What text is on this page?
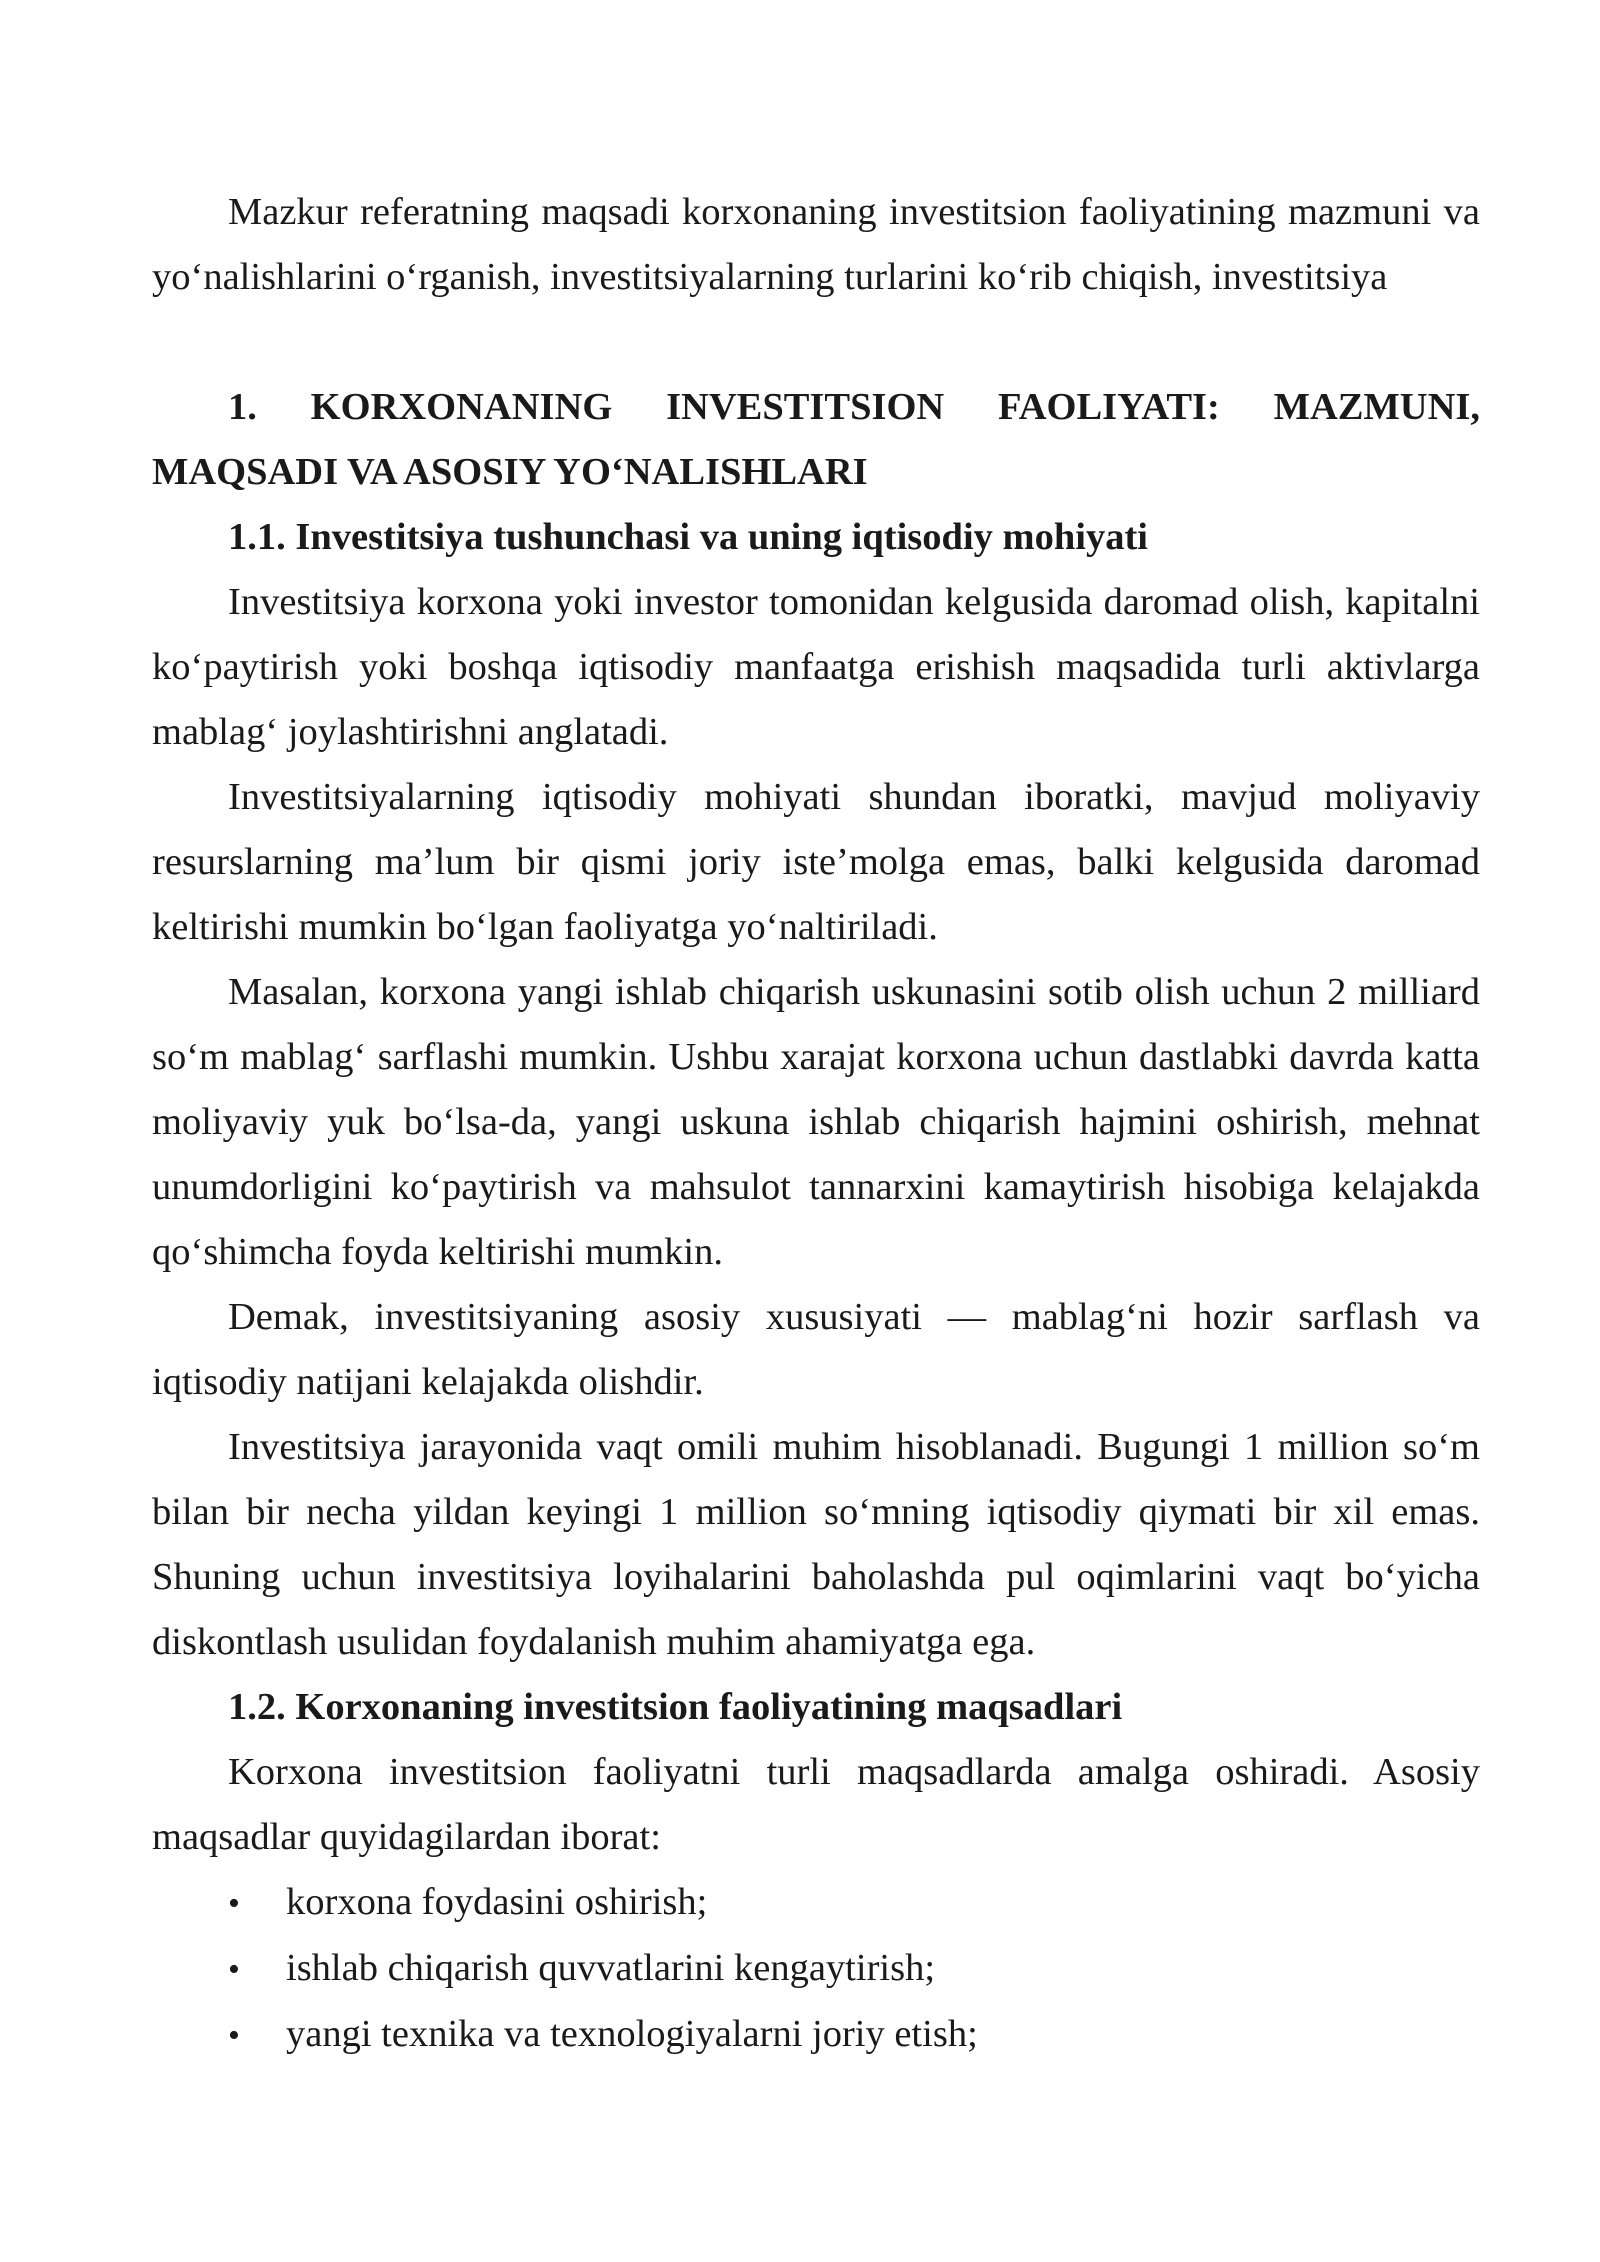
Mazkur referatning maqsadi korxonaning investitsion faoliyatining mazmuni va yo‘nalishlarini o‘rganish, investitsiyalarning turlarini ko‘rib chiqish, investitsiya

1. KORXONANING INVESTITSION FAOLIYATI: MAZMUNI, MAQSADI VA ASOSIY YO‘NALISHLARI

1.1. Investitsiya tushunchasi va uning iqtisodiy mohiyati

Investitsiya korxona yoki investor tomonidan kelgusida daromad olish, kapitalni ko‘paytirish yoki boshqa iqtisodiy manfaatga erishish maqsadida turli aktivlarga mablag‘ joylashtirishni anglatadi.

Investitsiyalarning iqtisodiy mohiyati shundan iboratki, mavjud moliyaviy resurslarning ma’lum bir qismi joriy iste’molga emas, balki kelgusida daromad keltirishi mumkin bo‘lgan faoliyatga yo‘naltiriladi.

Masalan, korxona yangi ishlab chiqarish uskunasini sotib olish uchun 2 milliard so‘m mablag‘ sarflashi mumkin. Ushbu xarajat korxona uchun dastlabki davrda katta moliyaviy yuk bo‘lsa-da, yangi uskuna ishlab chiqarish hajmini oshirish, mehnat unumdorligini ko‘paytirish va mahsulot tannarxini kamaytirish hisobiga kelajakda qo‘shimcha foyda keltirishi mumkin.

Demak, investitsiyaning asosiy xususiyati — mablag‘ni hozir sarflash va iqtisodiy natijani kelajakda olishdir.

Investitsiya jarayonida vaqt omili muhim hisoblanadi. Bugungi 1 million so‘m bilan bir necha yildan keyingi 1 million so‘mning iqtisodiy qiymati bir xil emas. Shuning uchun investitsiya loyihalarini baholashda pul oqimlarini vaqt bo‘yicha diskontlash usulidan foydalanish muhim ahamiyatga ega.

1.2. Korxonaning investitsion faoliyatining maqsadlari

Korxona investitsion faoliyatni turli maqsadlarda amalga oshiradi. Asosiy maqsadlar quyidagilardan iborat:

•	korxona foydasini oshirish;
•	ishlab chiqarish quvvatlarini kengaytirish;
•	yangi texnika va texnologiyalarni joriy etish;
